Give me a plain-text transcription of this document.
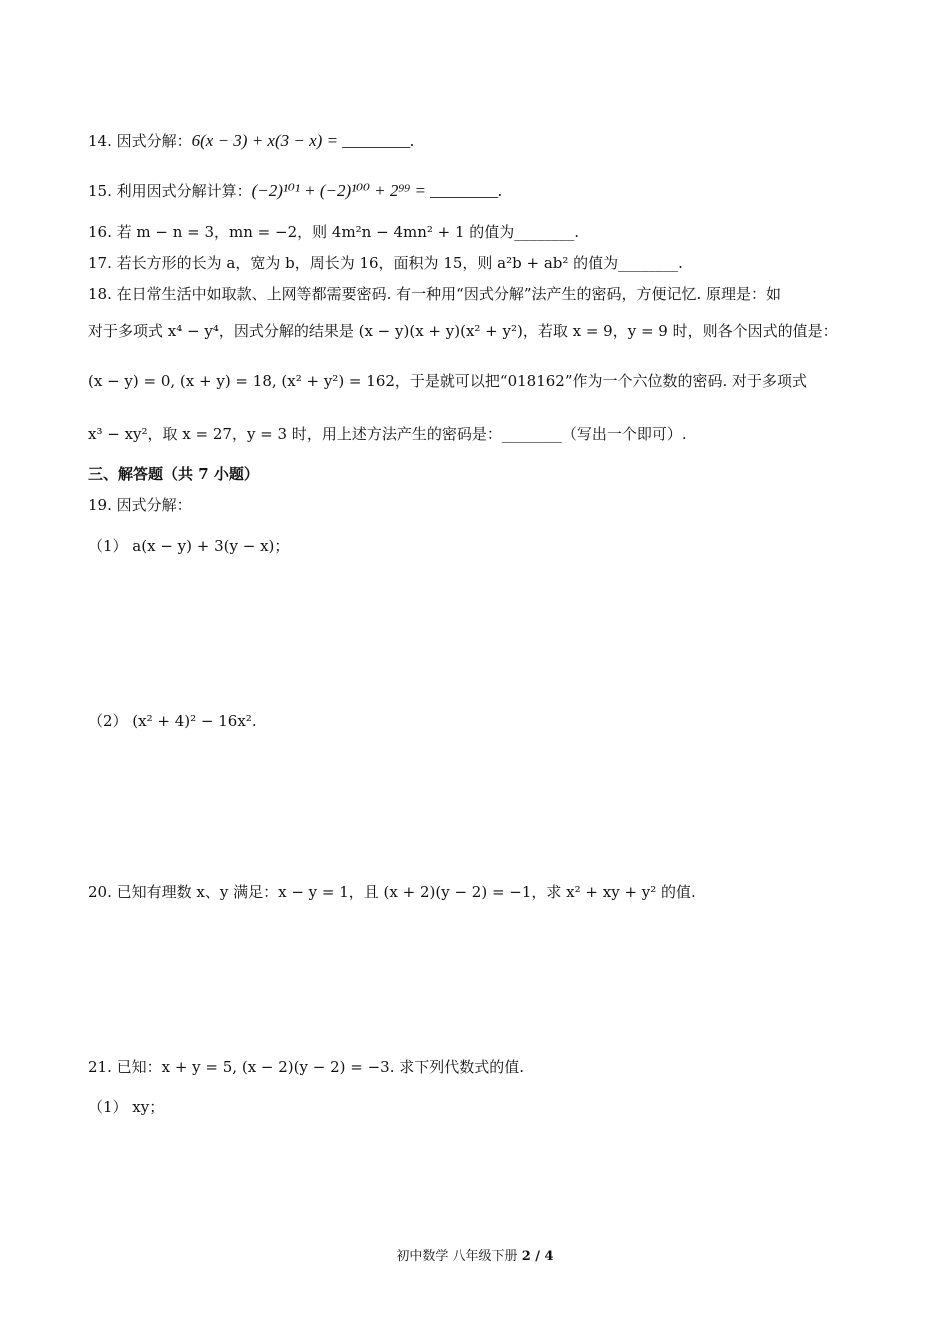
14. 因式分解：6(x − 3) + x(3 − x) = ________.
15. 利用因式分解计算：(−2)¹⁰¹ + (−2)¹⁰⁰ + 2⁹⁹ = ________.
16. 若 m − n = 3，mn = −2，则 4m²n − 4mn² + 1 的值为________.
17. 若长方形的长为 a，宽为 b，周长为 16，面积为 15，则 a²b + ab² 的值为________.
18. 在日常生活中如取款、上网等都需要密码. 有一种用“因式分解”法产生的密码，方便记忆. 原理是：如
对于多项式 x⁴ − y⁴，因式分解的结果是 (x − y)(x + y)(x² + y²)，若取 x = 9，y = 9 时，则各个因式的值是：
(x − y) = 0, (x + y) = 18, (x² + y²) = 162，于是就可以把“018162”作为一个六位数的密码. 对于多项式
x³ − xy²，取 x = 27，y = 3 时，用上述方法产生的密码是：________（写出一个即可）.
三、解答题（共 7 小题）
19. 因式分解：
（1） a(x − y) + 3(y − x)；
（2） (x² + 4)² − 16x².
20. 已知有理数 x、y 满足：x − y = 1，且 (x + 2)(y − 2) = −1，求 x² + xy + y² 的值.
21. 已知：x + y = 5, (x − 2)(y − 2) = −3. 求下列代数式的值.
（1） xy；
初中数学 八年级下册 2 / 4
